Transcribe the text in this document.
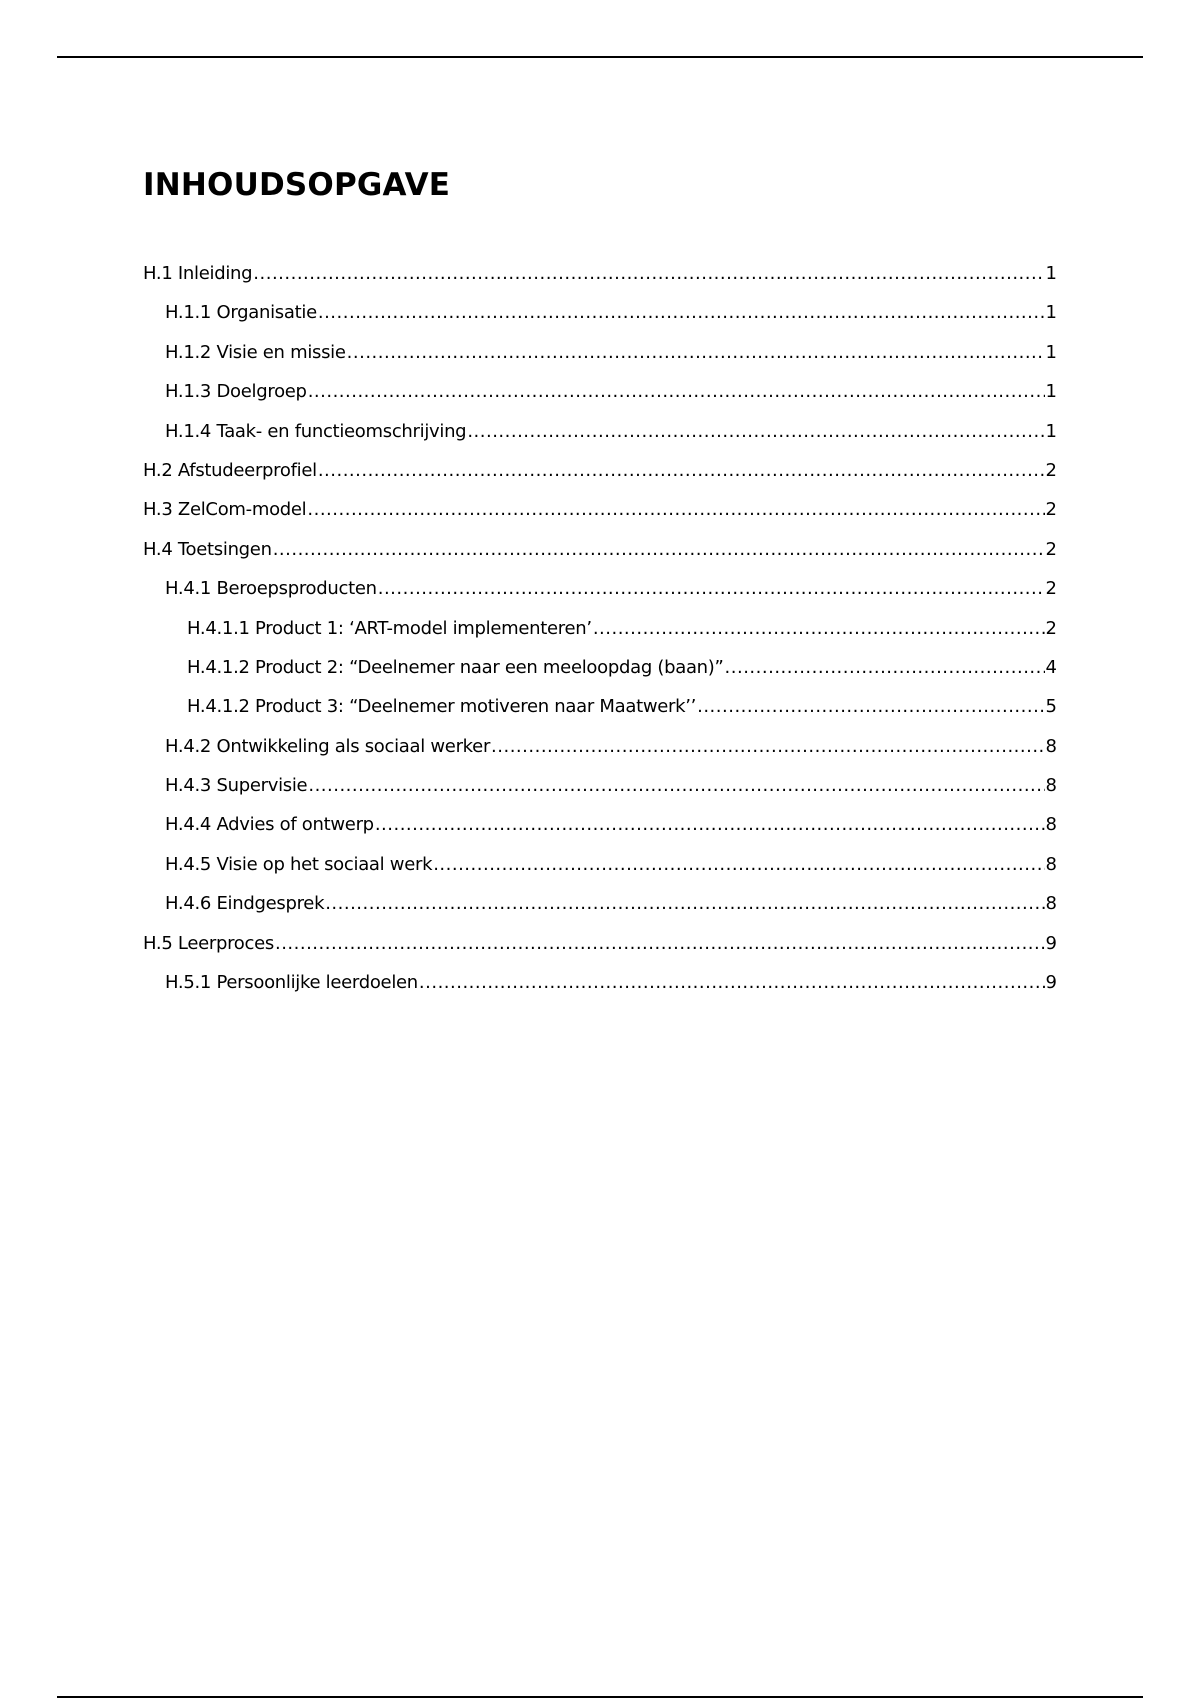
INHOUDSOPGAVE
H.1 Inleiding .....	1
H.1.1 Organisatie .....	1
H.1.2 Visie en missie .....	1
H.1.3 Doelgroep .....	1
H.1.4 Taak- en functieomschrijving .....	1
H.2 Afstudeerprofiel .....	2
H.3 ZelCom-model .....	2
H.4 Toetsingen .....	2
H.4.1 Beroepsproducten .....	2
H.4.1.1 Product 1: ‘ART-model implementeren’ .....	2
H.4.1.2 Product 2: “Deelnemer naar een meeloopdag (baan)” .....	4
H.4.1.2 Product 3: “Deelnemer motiveren naar Maatwerk’’ .....	5
H.4.2 Ontwikkeling als sociaal werker .....	8
H.4.3 Supervisie .....	8
H.4.4 Advies of ontwerp .....	8
H.4.5 Visie op het sociaal werk .....	8
H.4.6 Eindgesprek .....	8
H.5 Leerproces .....	9
H.5.1 Persoonlijke leerdoelen .....	9
